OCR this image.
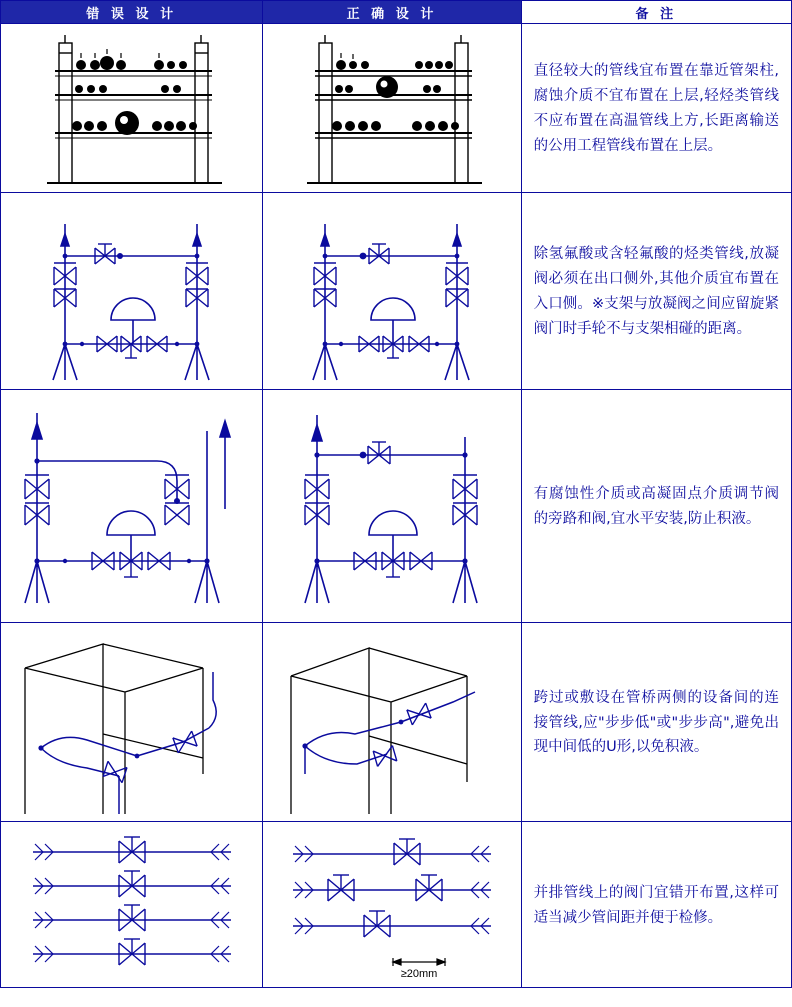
错 误 设 计	正 确 设 计	备 注

直径较大的管线宜布置在靠近管架柱,腐蚀介质不宜布置在上层,轻烃类管线不应布置在高温管线上方,长距离输送的公用工程管线布置在上层。

除氢氟酸或含轻氟酸的烃类管线,放凝阀必须在出口侧外,其他介质宜布置在入口侧。※支架与放凝阀之间应留旋紧阀门时手轮不与支架相碰的距离。

有腐蚀性介质或高凝固点介质调节阀的旁路和阀,宜水平安装,防止积液。

跨过或敷设在管桥两侧的设备间的连接管线,应"步步低"或"步步高",避免出现中间低的U形,以免积液。

≥20mm	并排管线上的阀门宜错开布置,这样可适当减少管间距并便于检修。
